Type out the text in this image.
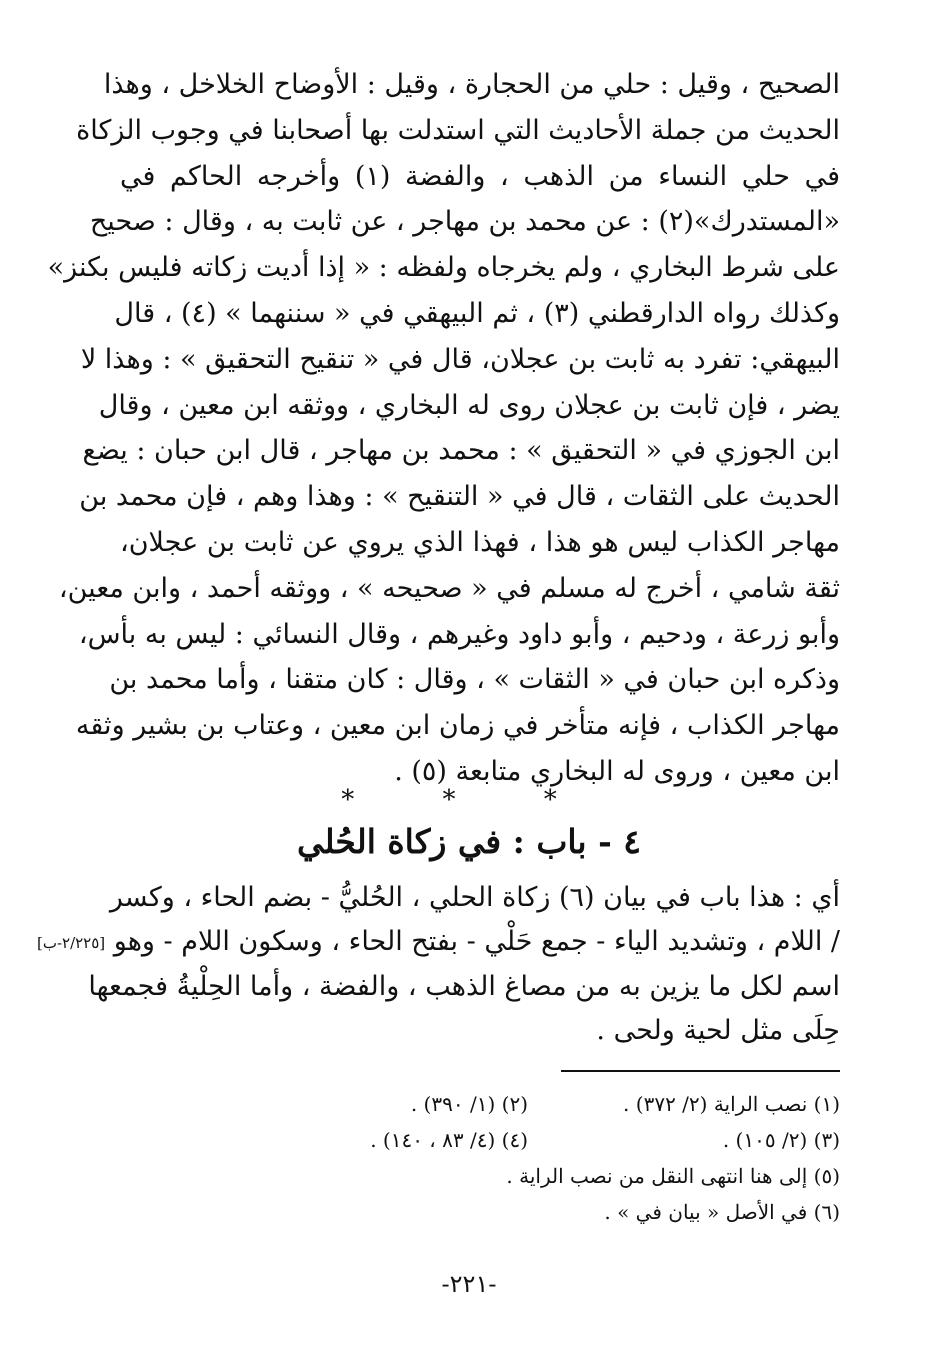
الصحيح ، وقيل : حلي من الحجارة ، وقيل : الأوضاح الخلاخل ، وهذا
الحديث من جملة الأحاديث التي استدلت بها أصحابنا في وجوب الزكاة
في حلي النساء من الذهب ، والفضة (١) وأخرجه الحاكم في
«المستدرك»(٢) : عن محمد بن مهاجر ، عن ثابت به ، وقال : صحيح
على شرط البخاري ، ولم يخرجاه ولفظه : « إذا أديت زكاته فليس بكنز»
وكذلك رواه الدارقطني (٣) ، ثم البيهقي في « سننهما » (٤) ، قال
البيهقي: تفرد به ثابت بن عجلان، قال في « تنقيح التحقيق » : وهذا لا
يضر ، فإن ثابت بن عجلان روى له البخاري ، ووثقه ابن معين ، وقال
ابن الجوزي في « التحقيق » : محمد بن مهاجر ، قال ابن حبان : يضع
الحديث على الثقات ، قال في « التنقيح » : وهذا وهم ، فإن محمد بن
مهاجر الكذاب ليس هو هذا ، فهذا الذي يروي عن ثابت بن عجلان،
ثقة شامي ، أخرج له مسلم في « صحيحه » ، ووثقه أحمد ، وابن معين،
وأبو زرعة ، ودحيم ، وأبو داود وغيرهم ، وقال النسائي : ليس به بأس،
وذكره ابن حبان في « الثقات » ، وقال : كان متقنا ، وأما محمد بن
مهاجر الكذاب ، فإنه متأخر في زمان ابن معين ، وعتاب بن بشير وثقه
ابن معين ، وروى له البخاري متابعة (٥) .
* * *
٤ - باب : في زكاة الحُلي
أي : هذا باب في بيان (٦) زكاة الحلي ، الحُليُّ - بضم الحاء ، وكسر
/ اللام ، وتشديد الياء - جمع حَلْي - بفتح الحاء ، وسكون اللام - وهو [٢/٢٢٥-ب]
اسم لكل ما يزين به من مصاغ الذهب ، والفضة ، وأما الحِلْيةُ فجمعها
حِلَى مثل لحية ولحى .
(١) نصب الراية (٢/ ٣٧٢) .
(٢) (١/ ٣٩٠) .
(٣) (٢/ ١٠٥) .
(٤) (٤/ ٨٣ ، ١٤٠) .
(٥) إلى هنا انتهى النقل من نصب الراية .
(٦) في الأصل « بيان في » .
-٢٢١-
